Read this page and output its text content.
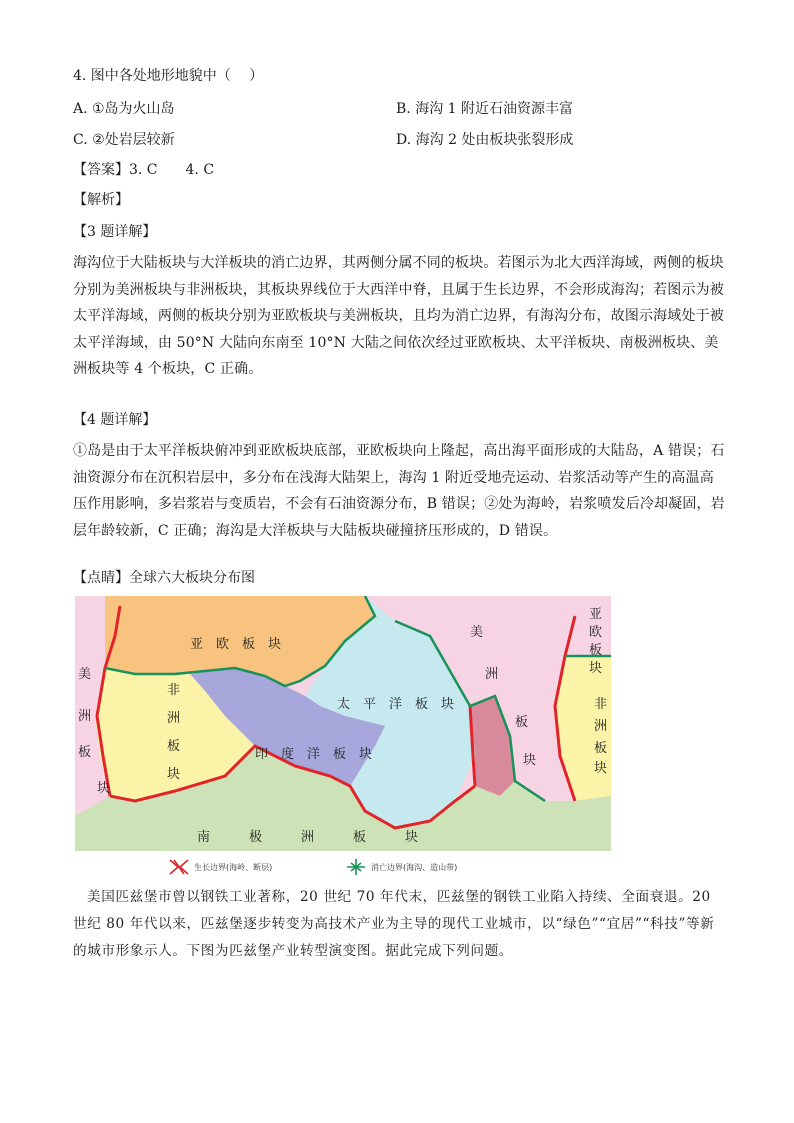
4. 图中各处地形地貌中（　 ）
A. ①岛为火山岛	B. 海沟 1 附近石油资源丰富
C. ②处岩层较新	D. 海沟 2 处由板块张裂形成
【答案】3. C　　4. C
【解析】
【3 题详解】
海沟位于大陆板块与大洋板块的消亡边界，其两侧分属不同的板块。若图示为北大西洋海域，两侧的板块分别为美洲板块与非洲板块，其板块界线位于大西洋中脊，且属于生长边界，不会形成海沟；若图示为被太平洋海域，两侧的板块分别为亚欧板块与美洲板块，且均为消亡边界，有海沟分布，故图示海域处于被太平洋海域，由 50°N 大陆向东南至 10°N 大陆之间依次经过亚欧板块、太平洋板块、南极洲板块、美洲板块等 4 个板块，C 正确。
【4 题详解】
①岛是由于太平洋板块俯冲到亚欧板块底部，亚欧板块向上隆起，高出海平面形成的大陆岛，A 错误；石油资源分布在沉积岩层中，多分布在浅海大陆架上，海沟 1 附近受地壳运动、岩浆活动等产生的高温高压作用影响，多岩浆岩与变质岩，不会有石油资源分布，B 错误；②处为海岭，岩浆喷发后冷却凝固，岩层年龄较新，C 正确；海沟是大洋板块与大陆板块碰撞挤压形成的，D 错误。
【点睛】全球六大板块分布图
亚　欧　板　块
太　平　洋　板　块
印　度　洋　板　块
南　　　极　　　洲　　　板　　　块
非
洲
板
块
美
洲
板
块
美
洲
板
块
亚
欧
板
块
非
洲
板
块
生长边界(海岭、断层)	消亡边界(海沟、造山带)
美国匹兹堡市曾以钢铁工业著称，20 世纪 70 年代末，匹兹堡的钢铁工业陷入持续、全面衰退。20 世纪 80 年代以来，匹兹堡逐步转变为高技术产业为主导的现代工业城市，以“绿色”“宜居”“科技”等新的城市形象示人。下图为匹兹堡产业转型演变图。据此完成下列问题。
